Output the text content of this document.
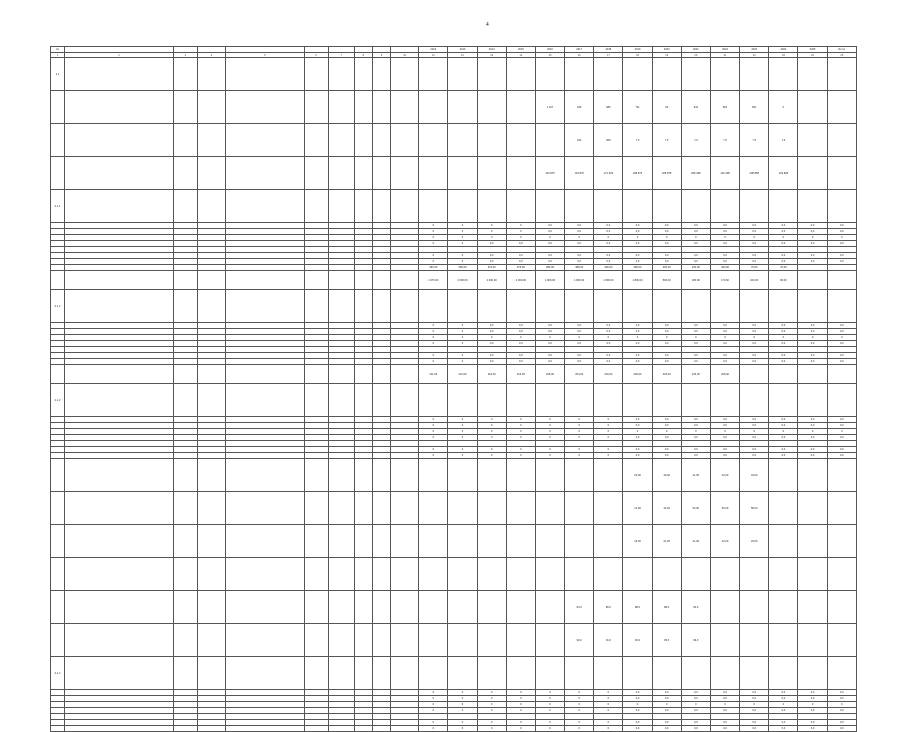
4
№										2012	2013	2014	2015	2016	2017	2018	2019	2020	2021	2022	2023	2024	2025	Итого
1	2	3	4	5	6	7	8	9	10	11	12	13	14	15	16	17	18	19	20	21	22	23	24	25
2.1																								
														1 227	946	986	711	00	642	861	961	0		
															224	965	7,5	7,5	7,5	7,5	7,5	7,5		
														134 876	134 876	171 029	208 873	208 878	208 498	120 498	208 858	129 828		
2.1.1																								
										0	0	0	0	0,0	0,0	0,0	0,0	0,0	0,0	0,0	0,0	0,0	0,0	0,0
										0	0	0	0	0,0	0,0	0,0	0,0	0,0	0,0	0,0	0,0	0,0	0,0	0,0
										0	0	0	0	0	0	0	0	0	0	0	0	0	0	0
										0	0	0,0	0,0	0,0	0,0	0,0	0,0	0,0	0,0	0,0	0,0	0,0	0,0	0,0

										0	0	0,0	0,0	0,0	0,0	0,0	0,0	0,0	0,0	0,0	0,0	0,0	0,0	0,0
										0	0	0,0	0,0	0,0	0,0	0,0	0,0	0,0	0,0	0,0	0,0	0,0	0,0	0,0
										360,00	365,00	370,00	375,00	380,00	385,00	390,00	395,00	400,00	400,00	400,00	70,00	70,00		
										1 970,00	2 000,00	2 000,00	2 000,00	1 900,00	1 800,00	1 800,00	1 800,00	500,00	180,00	170,00	100,00	90,00		
2.1.2																								
										0	0	0,0	0,0	0,0	0,0	0,0	0,0	0,0	0,0	0,0	0,0	0,0	0,0	0,0
										0	0	0,0	0,0	0,0	0,0	0,0	0,0	0,0	0,0	0,0	0,0	0,0	0,0	0,0
										0	0	0	0	0	0	0	0	0	0	0	0	0	0	0
										0	0	0,0	0,0	0,0	0,0	0,0	0,0	0,0	0,0	0,0	0,0	0,0	0,0	0,0

										0	0	0,0	0,0	0,0	0,0	0,0	0,0	0,0	0,0	0,0	0,0	0,0	0,0	0,0
										0	0	0,0	0,0	0,0	0,0	0,0	0,0	0,0	0,0	0,0	0,0	0,0	0,0	0,0
										211,00	221,00	201,00	216,00	205,00	204,00	216,00	209,00	225,00	223,00	225,00				
2.1.3																								
										0	0	0	0	0	0	0	0,0	0,0	0,0	0,0	0,0	0,0	0,0	0,0
										0	0	0	0	0	0	0	0,0	0,0	0,0	0,0	0,0	0,0	0,0	0,0
										0	0	0	0	0	0	0	0	0	0	0	0	0	0	0
										0	0	0	0	0	0	0	0,0	0,0	0,0	0,0	0,0	0,0	0,0	0,0

										0	0	0	0	0	0	0	0,0	0,0	0,0	0,0	0,0	0,0	0,0	0,0
										0	0	0	0	0	0	0	0,0	0,0	0,0	0,0	0,0	0,0	0,0	0,0
																	20,00	40,00	41,00	42,00	43,00			
																	31,00	42,00	54,00	56,00	58,00			
																	16,00	21,00	21,00	22,00	23,00			

															84,0	86,0	88,0	88,0	90,0					
															90,0	91,0	93,0	95,0	96,0					
2.1.4																								
										0	0	0	0	0	0	0	0,0	0,0	0,0	0,0	0,0	0,0	0,0	0,0
										0	0	0	0	0	0	0	0,0	0,0	0,0	0,0	0,0	0,0	0,0	0,0
										0	0	0	0	0	0	0	0	0	0	0	0	0	0	0
										0	0	0	0	0	0	0	0,0	0,0	0,0	0,0	0,0	0,0	0,0	0,0

										0	0	0	0	0	0	0	0,0	0,0	0,0	0,0	0,0	0,0	0,0	0,0
										0	0	0	0	0	0	0	0,0	0,0	0,0	0,0	0,0	0,0	0,0	0,0
